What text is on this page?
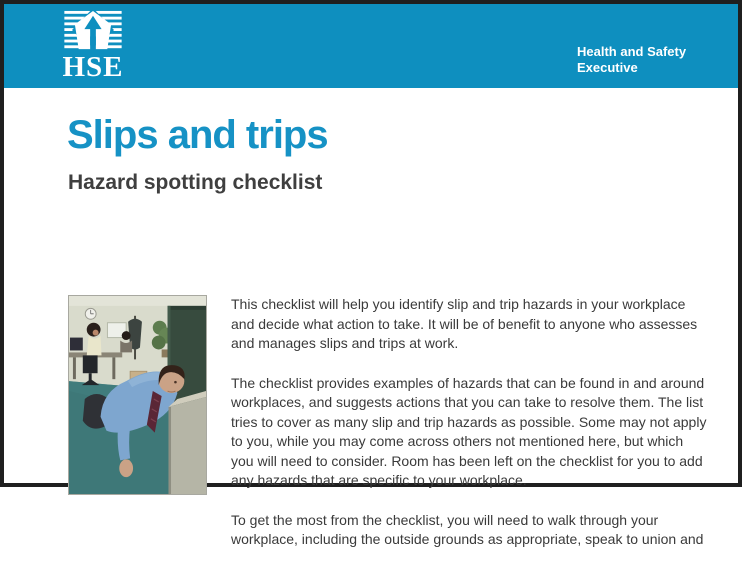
HSE	Health and Safety
Executive
Slips and trips
Hazard spotting checklist

This checklist will help you identify slip and trip hazards in your workplace and decide what action to take. It will be of benefit to anyone who assesses and manages slips and trips at work.

The checklist provides examples of hazards that can be found in and around workplaces, and suggests actions that you can take to resolve them. The list tries to cover as many slip and trip hazards as possible. Some may not apply to you, while you may come across others not mentioned here, but which you will need to consider. Room has been left on the checklist for you to add any hazards that are specific to your workplace.

To get the most from the checklist, you will need to walk through your workplace, including the outside grounds as appropriate, speak to union and
